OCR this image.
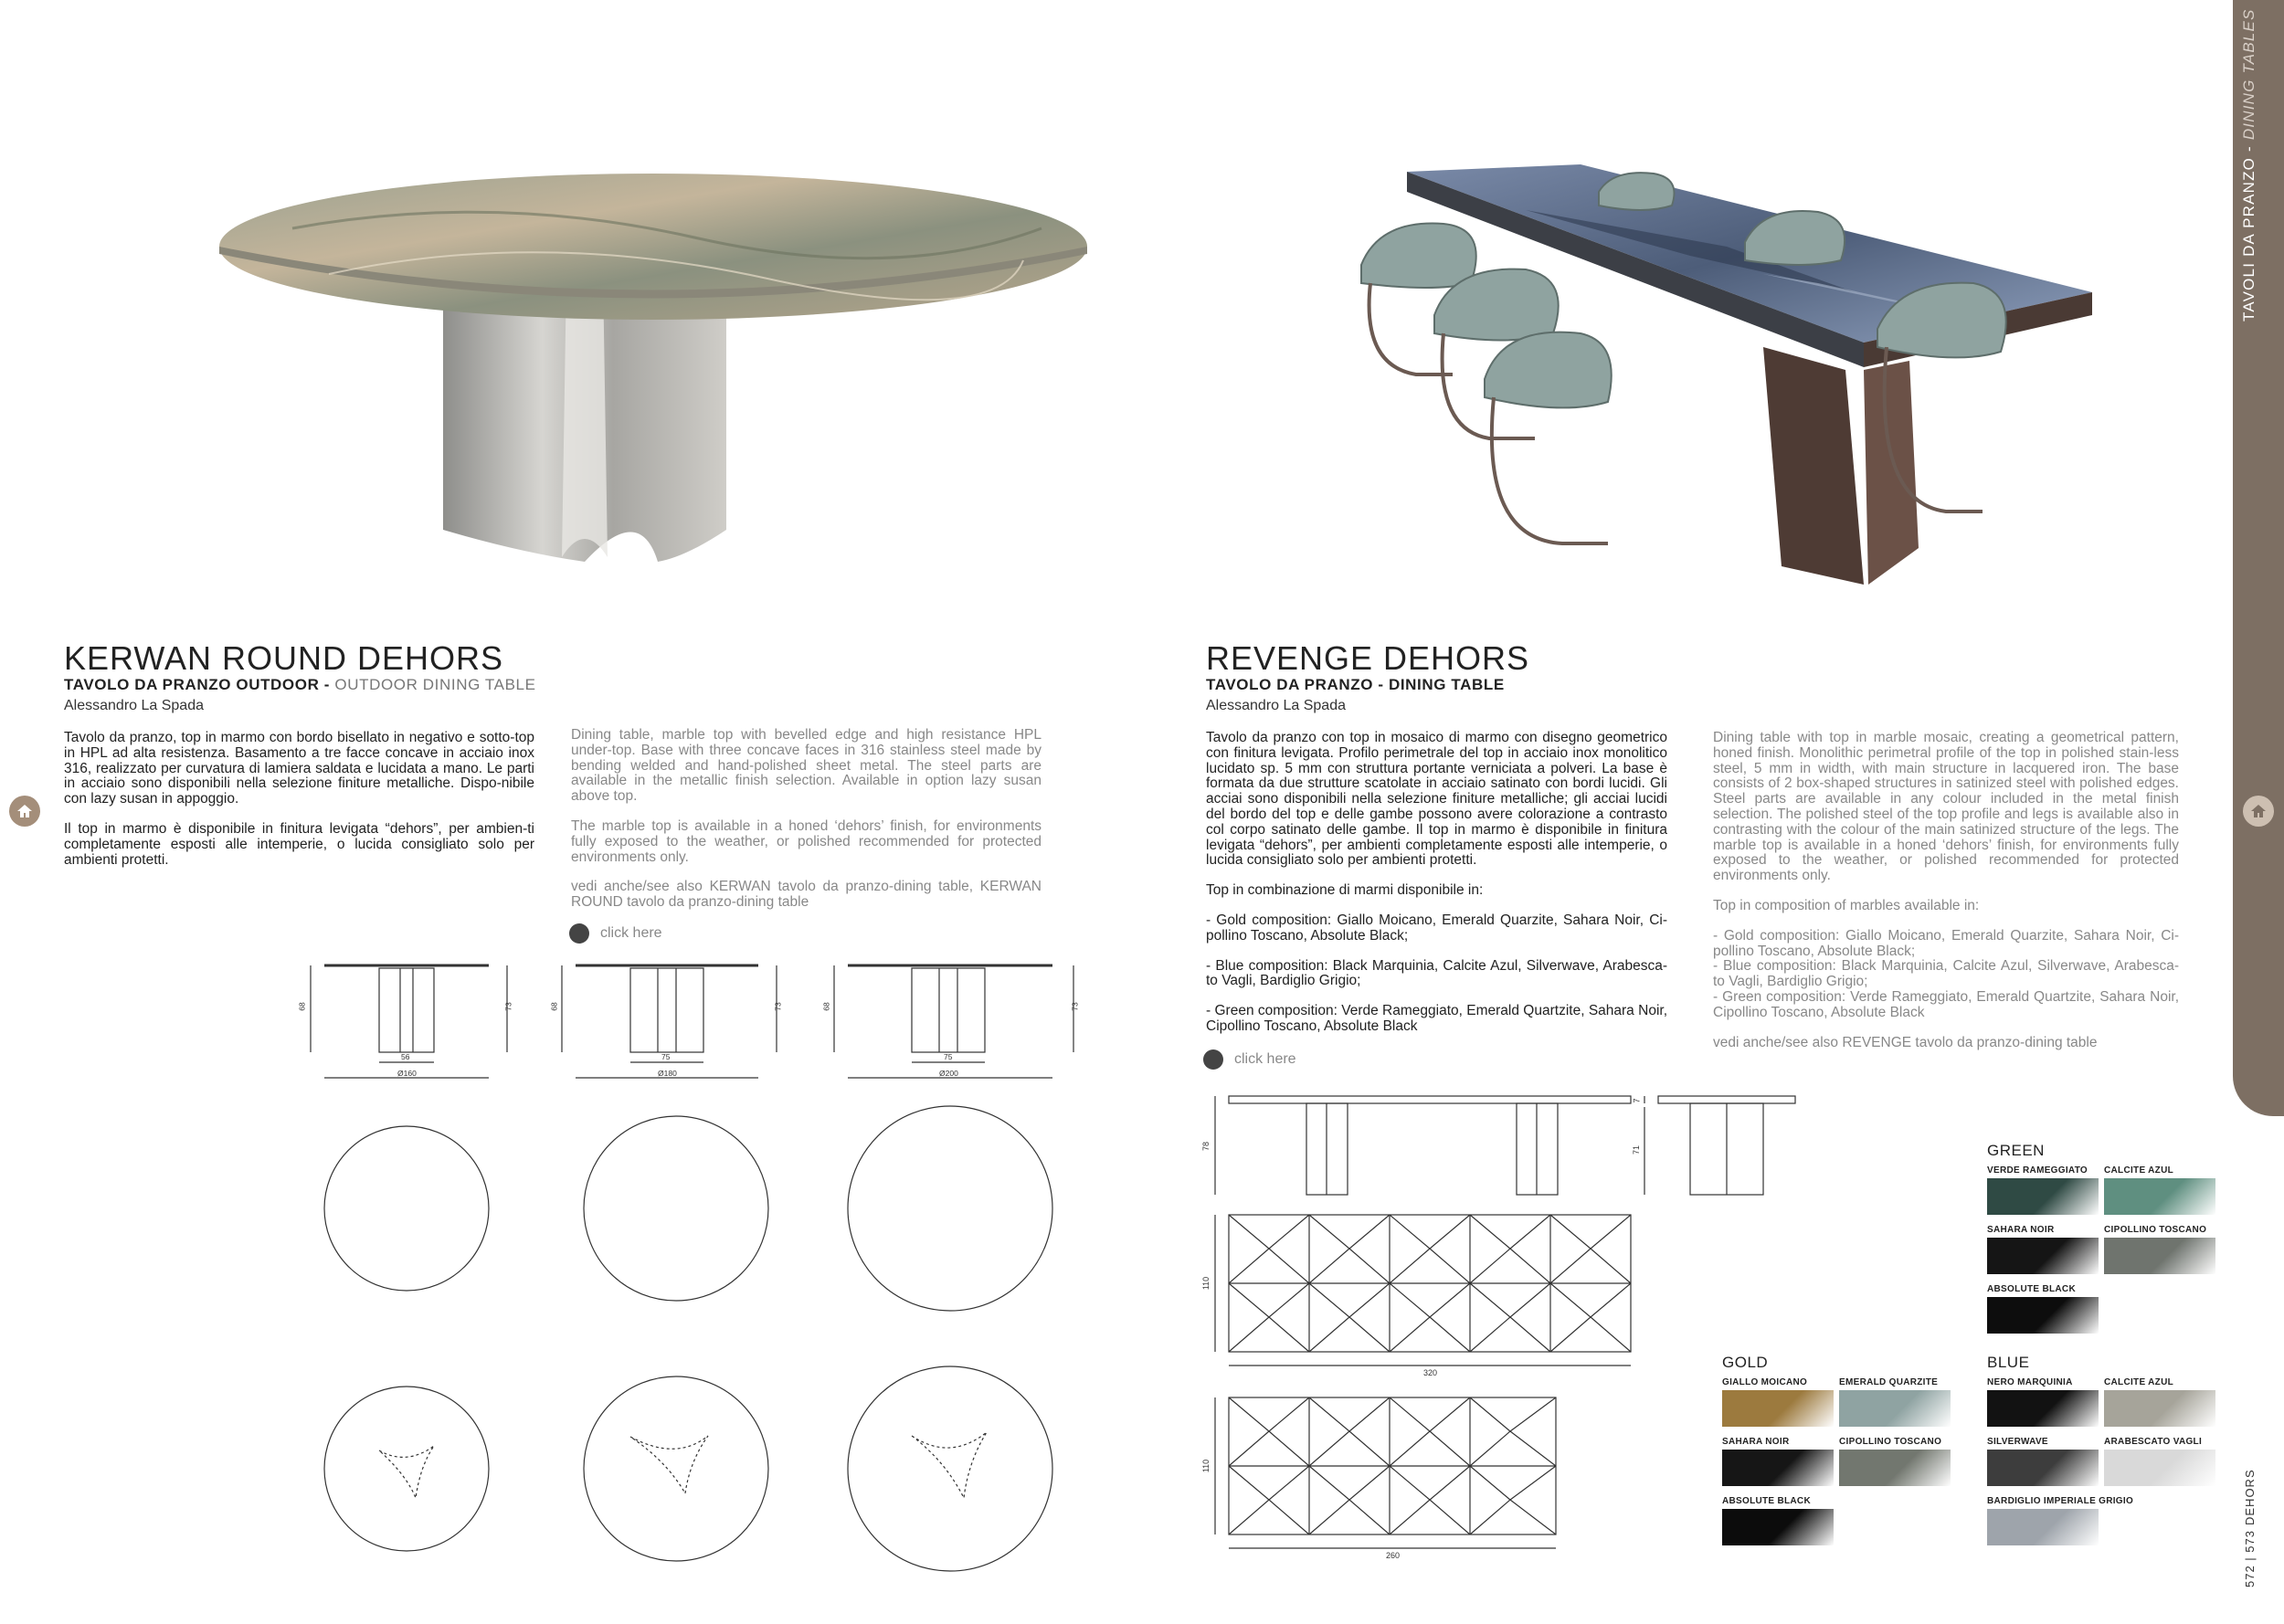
TAVOLI DA PRANZO - DINING TABLES
572 | 573
DEHORS
KERWAN ROUND DEHORS
TAVOLO DA PRANZO OUTDOOR - OUTDOOR DINING TABLE
Alessandro La Spada

Tavolo da pranzo, top in marmo con bordo bisellato in negativo e sotto-top in HPL ad alta resistenza. Basamento a tre facce concave in acciaio inox 316, realizzato per curvatura di lamiera saldata e lucidata a mano. Le parti in acciaio sono disponibili nella selezione finiture metalliche. Dispo-nibile con lazy susan in appoggio.

Il top in marmo è disponibile in finitura levigata “dehors”, per ambien-ti completamente esposti alle intemperie, o lucida consigliato solo per ambienti protetti.

Dining table, marble top with bevelled edge and high resistance HPL under-top. Base with three concave faces in 316 stainless steel made by bending welded and hand-polished sheet metal. The steel parts are available in the metallic finish selection. Available in option lazy susan above top.

The marble top is available in a honed ‘dehors’ finish, for environments fully exposed to the weather, or polished recommended for protected environments only.

vedi anche/see also KERWAN tavolo da pranzo-dining table, KERWAN ROUND tavolo da pranzo-dining table

click here
68	73
56
Ø160
68	73
75
Ø180
68	73
75
Ø200
REVENGE DEHORS
TAVOLO DA PRANZO - DINING TABLE
Alessandro La Spada

Tavolo da pranzo con top in mosaico di marmo con disegno geometrico con finitura levigata. Profilo perimetrale del top in acciaio inox monolitico lucidato sp. 5 mm con struttura portante verniciata a polveri. La base è formata da due strutture scatolate in acciaio satinato con bordi lucidi. Gli acciai sono disponibili nella selezione finiture metalliche; gli acciai lucidi del bordo del top e delle gambe possono avere colorazione a contrasto col corpo satinato delle gambe. Il top in marmo è disponibile in finitura levigata “dehors”, per ambienti completamente esposti alle intemperie, o lucida consigliato solo per ambienti protetti.

Top in combinazione di marmi disponibile in:

- Gold composition: Giallo Moicano, Emerald Quarzite, Sahara Noir, Ci-pollino Toscano, Absolute Black;

- Blue composition: Black Marquinia, Calcite Azul, Silverwave, Arabesca-to Vagli, Bardiglio Grigio;

- Green composition: Verde Rameggiato, Emerald Quartzite, Sahara Noir, Cipollino Toscano, Absolute Black

Dining table with top in marble mosaic, creating a geometrical pattern, honed finish. Monolithic perimetral profile of the top in polished stain-less steel, 5 mm in width, with main structure in lacquered iron. The base consists of 2 box-shaped structures in satinized steel with polished edges. Steel parts are available in any colour included in the metal finish selection. The polished steel of the top profile and legs is available also in contrasting with the colour of the main satinized structure of the legs. The marble top is available in a honed ‘dehors’ finish, for environments fully exposed to the weather, or polished recommended for protected environments only.

Top in composition of marbles available in:

- Gold composition: Giallo Moicano, Emerald Quarzite, Sahara Noir, Ci-pollino Toscano, Absolute Black;

- Blue composition: Black Marquinia, Calcite Azul, Silverwave, Arabesca-to Vagli, Bardiglio Grigio;

- Green composition: Verde Rameggiato, Emerald Quartzite, Sahara Noir, Cipollino Toscano, Absolute Black

vedi anche/see also REVENGE tavolo da pranzo-dining table

click here
78
7
71
110
320
110
260
GREEN
VERDE RAMEGGIATO CALCITE AZUL
SAHARA NOIR	CIPOLLINO TOSCANO
ABSOLUTE BLACK
GOLD
GIALLO MOICANO	EMERALD QUARZITE
SAHARA NOIR	CIPOLLINO TOSCANO
ABSOLUTE BLACK
BLUE
NERO MARQUINIA	CALCITE AZUL
SILVERWAVE	ARABESCATO VAGLI
BARDIGLIO IMPERIALE GRIGIO
